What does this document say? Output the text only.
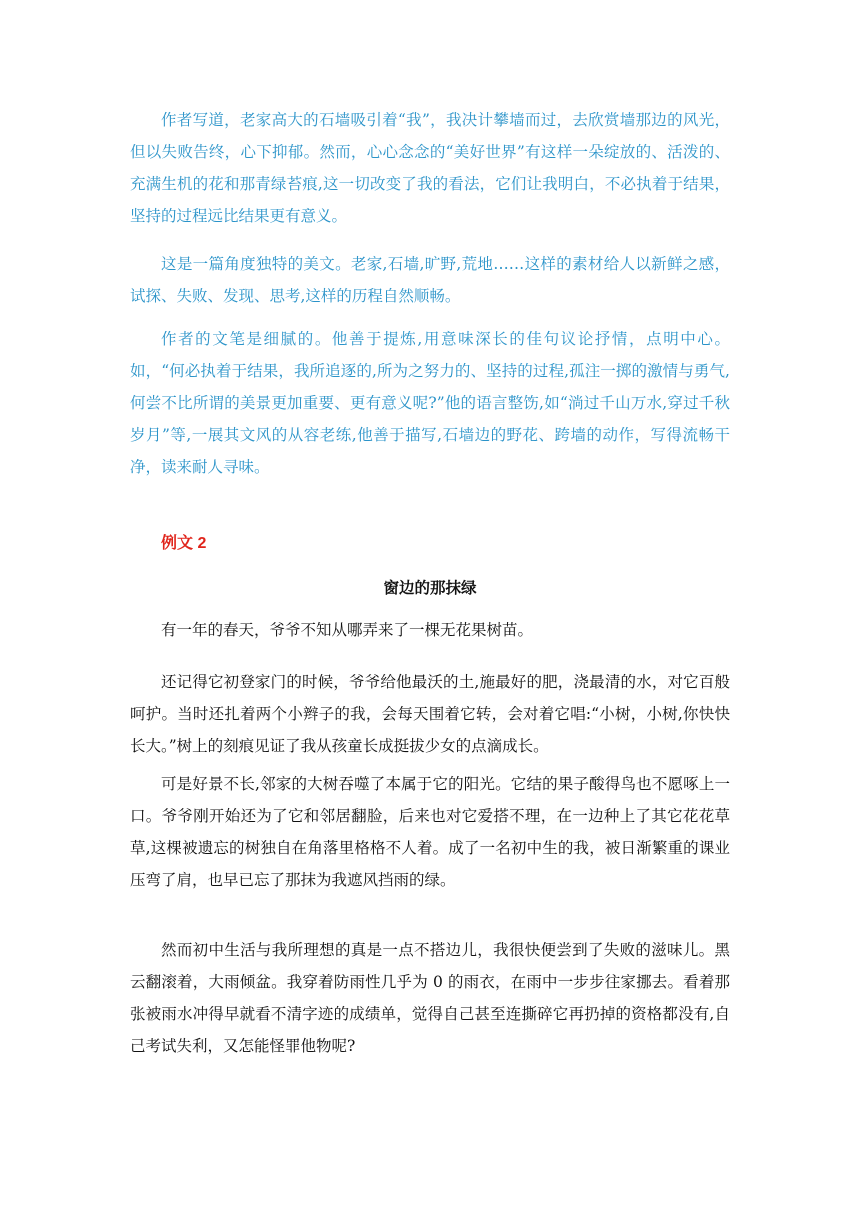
作者写道，老家高大的石墙吸引着“我”，我决计攀墙而过，去欣赏墙那边的风光，但以失败告终，心下抑郁。然而，心心念念的“美好世界”有这样一朵绽放的、活泼的、充满生机的花和那青绿苔痕,这一切改变了我的看法，它们让我明白，不必执着于结果，坚持的过程远比结果更有意义。

这是一篇角度独特的美文。老家,石墙,旷野,荒地……这样的素材给人以新鲜之感，试探、失败、发现、思考,这样的历程自然顺畅。

作者的文笔是细腻的。他善于提炼,用意味深长的佳句议论抒情，点明中心。如，“何必执着于结果，我所追逐的,所为之努力的、坚持的过程,孤注一掷的激情与勇气,何尝不比所谓的美景更加重要、更有意义呢?”他的语言整饬,如“淌过千山万水,穿过千秋岁月”等,一展其文风的从容老练,他善于描写,石墙边的野花、跨墙的动作，写得流畅干净，读来耐人寻味。

例文 2

窗边的那抹绿

有一年的春天，爷爷不知从哪弄来了一棵无花果树苗。

还记得它初登家门的时候，爷爷给他最沃的土,施最好的肥，浇最清的水，对它百般呵护。当时还扎着两个小辫子的我，会每天围着它转，会对着它唱:“小树，小树,你快快长大。”树上的刻痕见证了我从孩童长成挺拔少女的点滴成长。

可是好景不长,邻家的大树吞噬了本属于它的阳光。它结的果子酸得鸟也不愿啄上一口。爷爷刚开始还为了它和邻居翻脸，后来也对它爱搭不理，在一边种上了其它花花草草,这棵被遗忘的树独自在角落里格格不人着。成了一名初中生的我，被日渐繁重的课业压弯了肩，也早已忘了那抹为我遮风挡雨的绿。

然而初中生活与我所理想的真是一点不搭边儿，我很快便尝到了失败的滋味儿。黑云翻滚着，大雨倾盆。我穿着防雨性几乎为 0 的雨衣，在雨中一步步往家挪去。看着那张被雨水冲得早就看不清字迹的成绩单，觉得自己甚至连撕碎它再扔掉的资格都没有,自己考试失利，又怎能怪罪他物呢?
